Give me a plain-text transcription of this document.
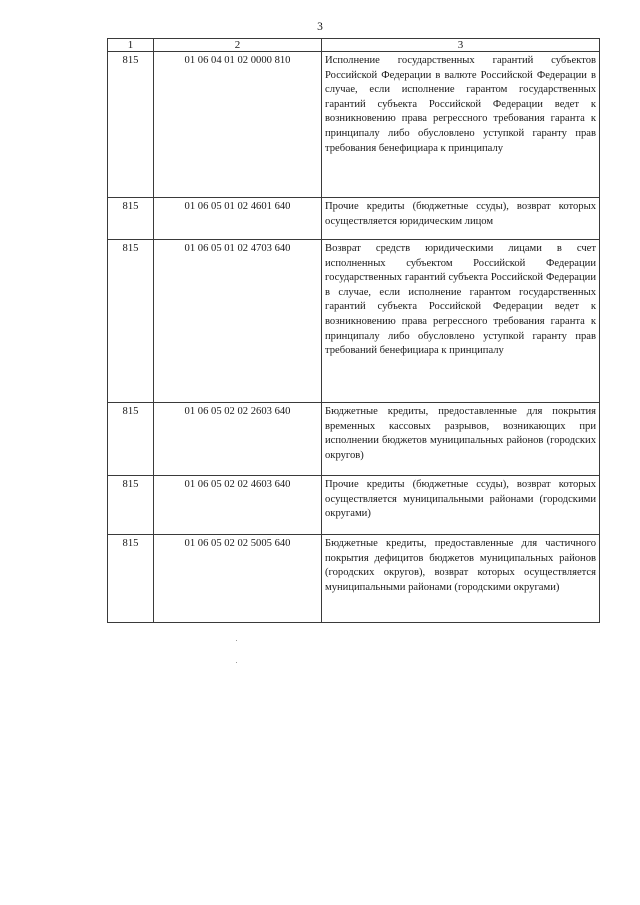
3
1	2	3
815	01 06 04 01 02 0000 810	Исполнение государственных гарантий субъектов Российской Федерации в валюте Российской Федерации в случае, если исполнение гарантом государственных гарантий субъекта Российской Федерации ведет к возникновению права регрессного требования гаранта к принципалу либо обусловлено уступкой гаранту прав требования бенефициара к принципалу
815	01 06 05 01 02 4601 640	Прочие кредиты (бюджетные ссуды), возврат которых осуществляется юридическим лицом
815	01 06 05 01 02 4703 640	Возврат средств юридическими лицами в счет исполненных субъектом Российской Федерации государственных гарантий субъекта Российской Федерации в случае, если исполнение гарантом государственных гарантий субъекта Российской Федерации ведет к возникновению права регрессного требования гаранта к принципалу либо обусловлено уступкой гаранту прав требований бенефициара к принципалу
815	01 06 05 02 02 2603 640	Бюджетные кредиты, предоставленные для покрытия временных кассовых разрывов, возникающих при исполнении бюджетов муниципальных районов (городских округов)
815	01 06 05 02 02 4603 640	Прочие кредиты (бюджетные ссуды), возврат которых осуществляется муниципальными районами (городскими округами)
815	01 06 05 02 02 5005 640	Бюджетные кредиты, предоставленные для частичного покрытия дефицитов бюджетов муниципальных районов (городских округов), возврат которых осуществляется муниципальными районами (городскими округами)
